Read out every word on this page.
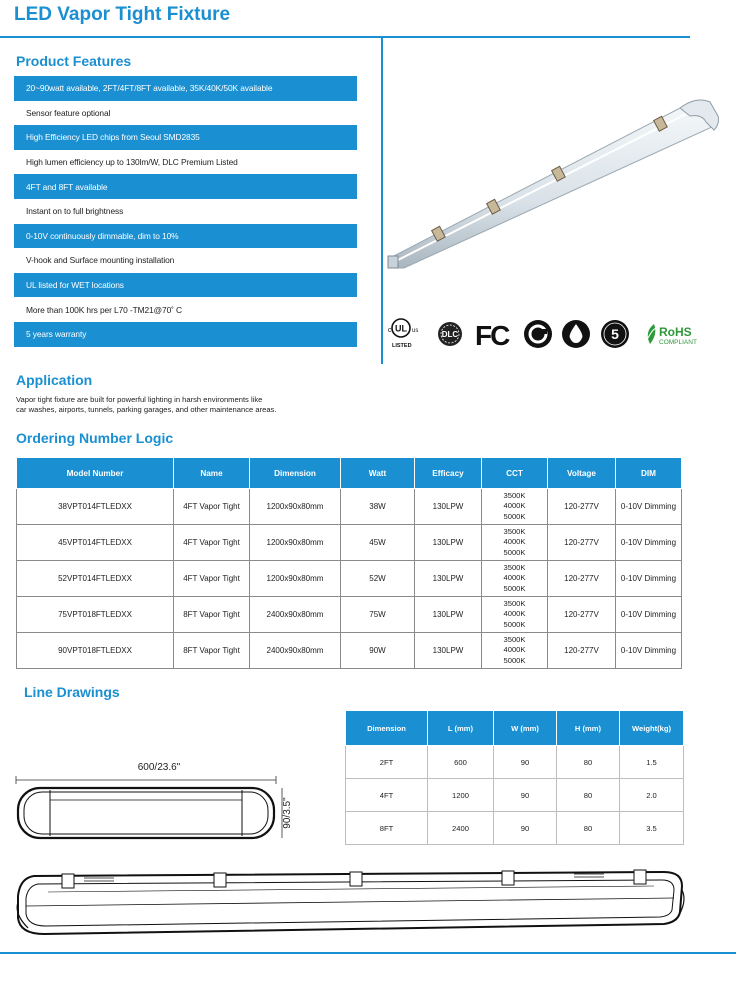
LED Vapor Tight Fixture
Product Features
20~90watt available, 2FT/4FT/8FT available, 35K/40K/50K available
Sensor feature optional
High Efficiency LED chips from Seoul SMD2835
High lumen efficiency up to 130lm/W, DLC Premium Listed
4FT and 8FT available
Instant on to full brightness
0-10V continuously dimmable, dim to 10%
V-hook and Surface mounting installation
UL listed for WET locations
More than 100K hrs per L70 -TM21@70˚ C
5 years warranty	c UL us
LISTED
DLC FC	5	RoHS
COMPLIANT
Application
Vapor tight fixture are built for powerful lighting in harsh environments like
car washes, airports, tunnels, parking garages, and other maintenance areas.
Ordering Number Logic
Model Number	Name	Dimension	Watt	Efficacy	CCT	Voltage	DIM
38VPT014FTLEDXX	4FT Vapor Tight	1200x90x80mm	38W	130LPW	3500K
4000K
5000K	120-277V	0-10V Dimming
45VPT014FTLEDXX	4FT Vapor Tight	1200x90x80mm	45W	130LPW	3500K
4000K
5000K	120-277V	0-10V Dimming
52VPT014FTLEDXX	4FT Vapor Tight	1200x90x80mm	52W	130LPW	3500K
4000K
5000K	120-277V	0-10V Dimming
75VPT018FTLEDXX	8FT Vapor Tight	2400x90x80mm	75W	130LPW	3500K
4000K
5000K	120-277V	0-10V Dimming
90VPT018FTLEDXX	8FT Vapor Tight	2400x90x80mm	90W	130LPW	3500K
4000K
5000K	120-277V	0-10V Dimming
Line Drawings
600/23.6"
90/3.5"
Dimension	L (mm)	W (mm)	H (mm)	Weight(kg)
2FT	600	90	80	1.5
4FT	1200	90	80	2.0
8FT	2400	90	80	3.5
